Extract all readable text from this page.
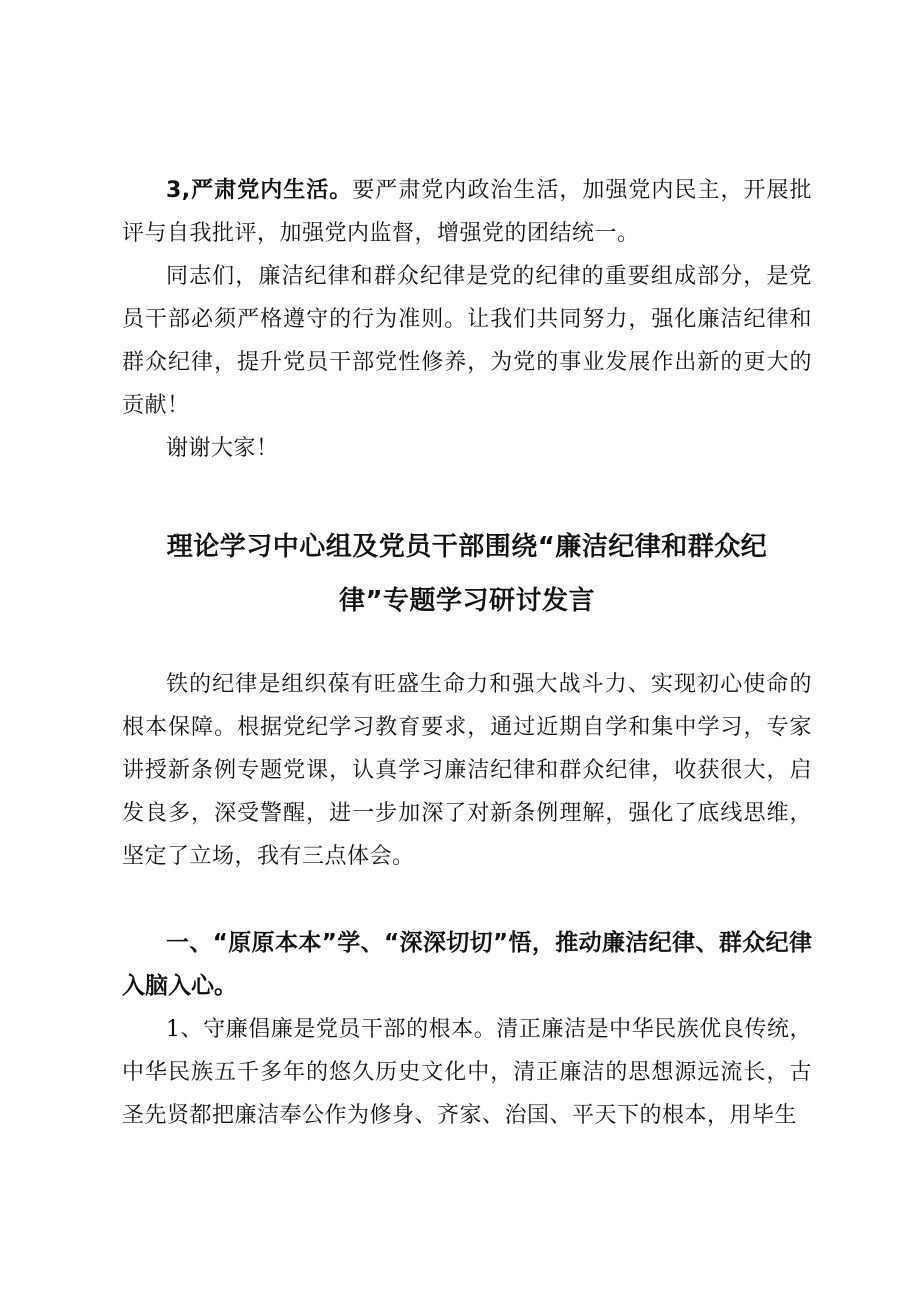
3,严肃党内生活。要严肃党内政治生活，加强党内民主，开展批评与自我批评，加强党内监督，增强党的团结统一。

同志们，廉洁纪律和群众纪律是党的纪律的重要组成部分，是党员干部必须严格遵守的行为准则。让我们共同努力，强化廉洁纪律和群众纪律，提升党员干部党性修养，为党的事业发展作出新的更大的贡献！

谢谢大家！

理论学习中心组及党员干部围绕“廉洁纪律和群众纪
律”专题学习研讨发言

铁的纪律是组织葆有旺盛生命力和强大战斗力、实现初心使命的根本保障。根据党纪学习教育要求，通过近期自学和集中学习，专家讲授新条例专题党课，认真学习廉洁纪律和群众纪律，收获很大，启发良多，深受警醒，进一步加深了对新条例理解，强化了底线思维，坚定了立场，我有三点体会。

一、“原原本本”学、“深深切切”悟，推动廉洁纪律、群众纪律入脑入心。

1、守廉倡廉是党员干部的根本。清正廉洁是中华民族优良传统，中华民族五千多年的悠久历史文化中，清正廉洁的思想源远流长，古圣先贤都把廉洁奉公作为修身、齐家、治国、平天下的根本，用毕生
